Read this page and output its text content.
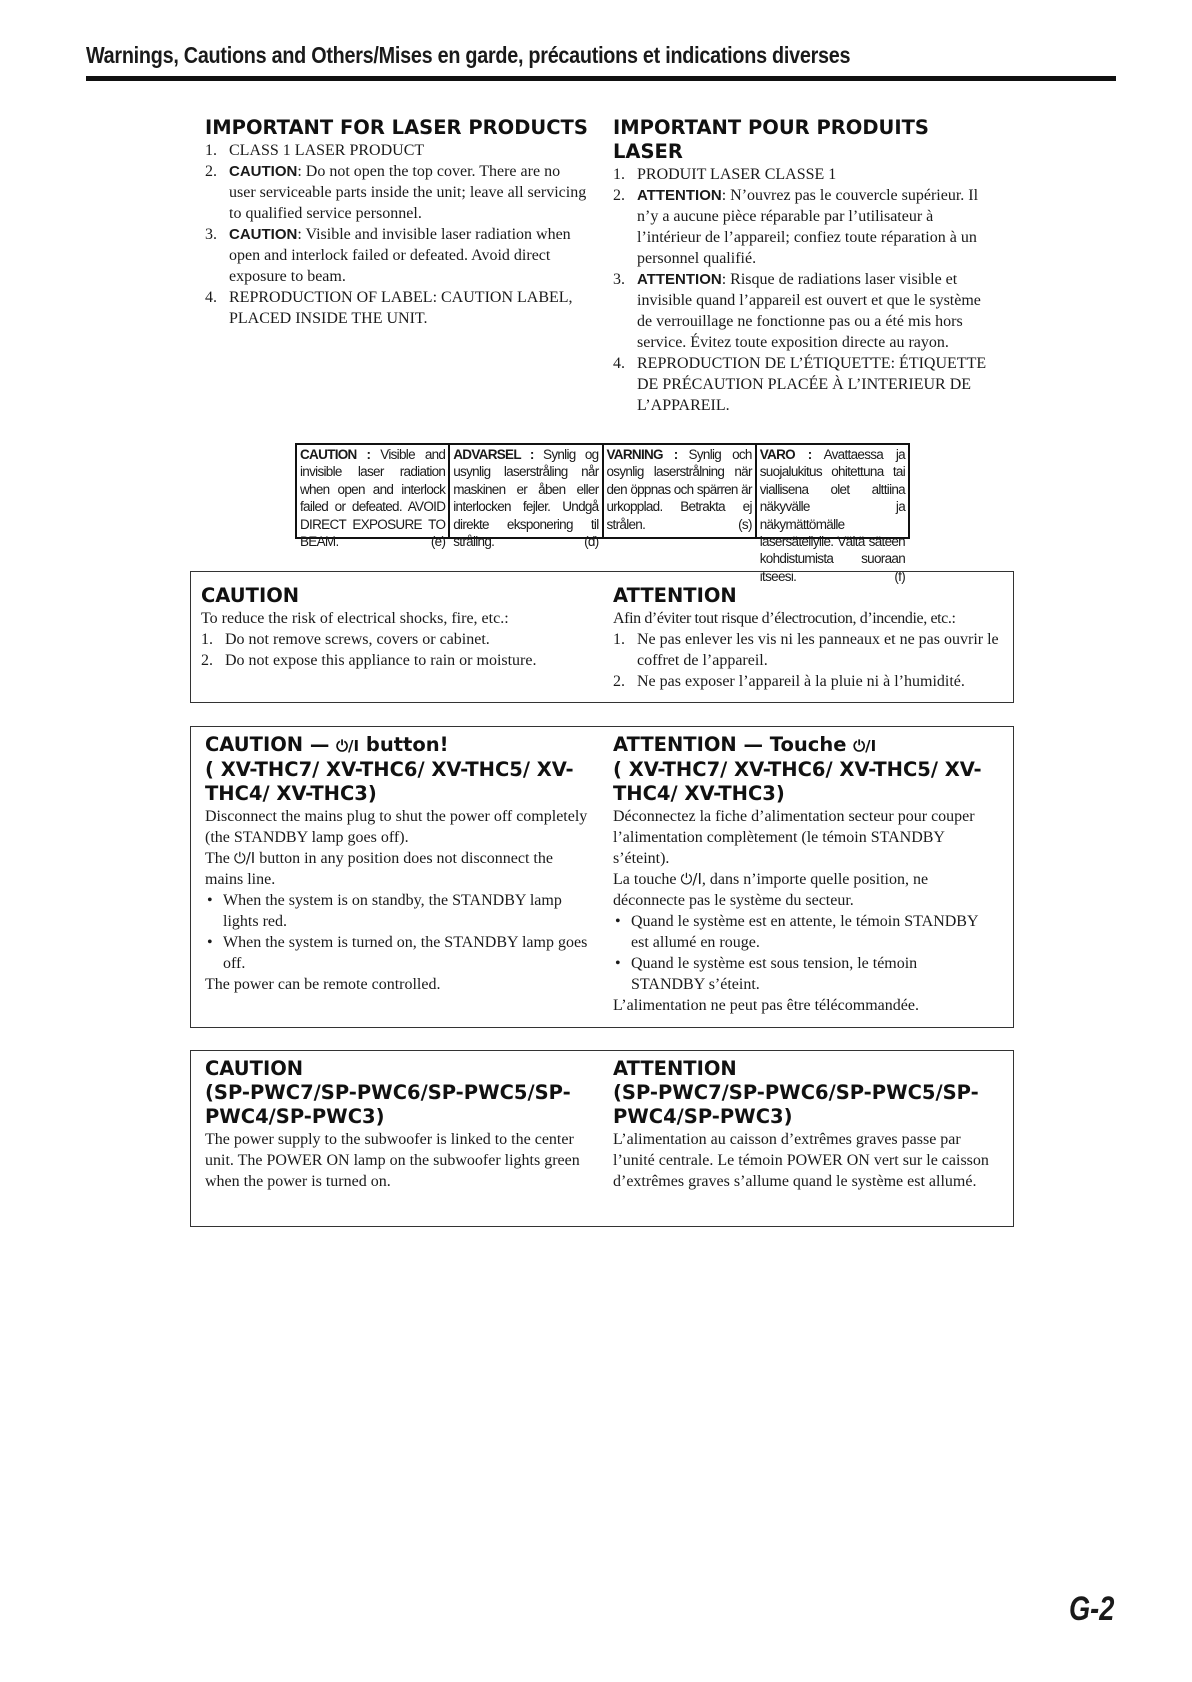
Warnings, Cautions and Others/Mises en garde, précautions et indications diverses
IMPORTANT FOR LASER PRODUCTS
1. CLASS 1 LASER PRODUCT
2. CAUTION: Do not open the top cover. There are no user serviceable parts inside the unit; leave all servicing to qualified service personnel.
3. CAUTION: Visible and invisible laser radiation when open and interlock failed or defeated. Avoid direct exposure to beam.
4. REPRODUCTION OF LABEL: CAUTION LABEL, PLACED INSIDE THE UNIT.
IMPORTANT POUR PRODUITS LASER
1. PRODUIT LASER CLASSE 1
2. ATTENTION: N’ouvrez pas le couvercle supérieur. Il n’y a aucune pièce réparable par l’utilisateur à l’intérieur de l’appareil; confiez toute réparation à un personnel qualifié.
3. ATTENTION: Risque de radiations laser visible et invisible quand l’appareil est ouvert et que le système de verrouillage ne fonctionne pas ou a été mis hors service. Évitez toute exposition directe au rayon.
4. REPRODUCTION DE L’ÉTIQUETTE: ÉTIQUETTE DE PRÉCAUTION PLACÉE À L’INTERIEUR DE L’APPAREIL.
CAUTION : Visible and invisible laser radiation when open and interlock failed or defeated. AVOID DIRECT EXPOSURE TO BEAM.	(e)
ADVARSEL : Synlig og usynlig laserstråling når maskinen er åben eller interlocken fejler. Undgå direkte eksponering til stråling.	(d)
VARNING : Synlig och osynlig laserstrålning när den öppnas och spärren är urkopplad. Betrakta ej strålen.	(s)
VARO : Avattaessa ja suojalukitus ohitettuna tai viallisena olet alttiina näkyvälle ja näkymättömälle lasersäteilylle. Vältä säteen kohdistumista suoraan itseesi.	(f)
CAUTION
To reduce the risk of electrical shocks, fire, etc.:
1. Do not remove screws, covers or cabinet.
2. Do not expose this appliance to rain or moisture.
ATTENTION
Afin d’éviter tout risque d’électrocution, d’incendie, etc.:
1. Ne pas enlever les vis ni les panneaux et ne pas ouvrir le coffret de l’appareil.
2. Ne pas exposer l’appareil à la pluie ni à l’humidité.
CAUTION — ⏻/I button!
( XV-THC7/ XV-THC6/ XV-THC5/ XV-THC4/ XV-THC3)
Disconnect the mains plug to shut the power off completely (the STANDBY lamp goes off).
The ⏻/I button in any position does not disconnect the mains line.
• When the system is on standby, the STANDBY lamp lights red.
• When the system is turned on, the STANDBY lamp goes off.
The power can be remote controlled.
ATTENTION — Touche ⏻/I
( XV-THC7/ XV-THC6/ XV-THC5/ XV-THC4/ XV-THC3)
Déconnectez la fiche d’alimentation secteur pour couper l’alimentation complètement (le témoin STANDBY s’éteint).
La touche ⏻/I, dans n’importe quelle position, ne déconnecte pas le système du secteur.
• Quand le système est en attente, le témoin STANDBY est allumé en rouge.
• Quand le système est sous tension, le témoin STANDBY s’éteint.
L’alimentation ne peut pas être télécommandée.
CAUTION
(SP-PWC7/SP-PWC6/SP-PWC5/SP-PWC4/SP-PWC3)
The power supply to the subwoofer is linked to the center unit. The POWER ON lamp on the subwoofer lights green when the power is turned on.
ATTENTION
(SP-PWC7/SP-PWC6/SP-PWC5/SP-PWC4/SP-PWC3)
L’alimentation au caisson d’extrêmes graves passe par l’unité centrale. Le témoin POWER ON vert sur le caisson d’extrêmes graves s’allume quand le système est allumé.
G-2
